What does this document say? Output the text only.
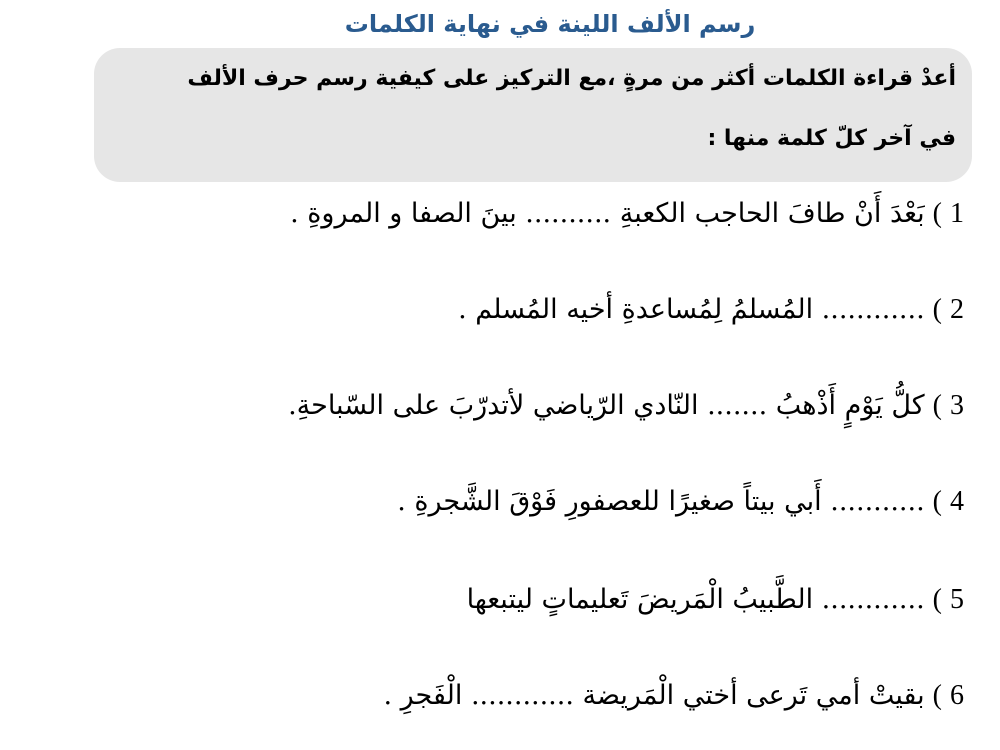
رسم الألف اللينة في نهاية الكلمات
أعدْ قراءة الكلمات أكثر من مرةٍ ،مع التركيز على كيفية رسم حرف الألف
في آخر كلّ كلمة منها :
1)بَعْدَ أَنْ طافَ الحاجب الكعبةِ .......... بينَ الصفا و المروةِ .
2)............ المُسلمُ لِمُساعدةِ أخيه المُسلم .
3)كلُّ يَوْمٍ أَذْهبُ ....... النّادي الرّياضي لأتدرّبَ على السّباحةِ.
4)........... أَبي بيتاً صغيرًا للعصفورِ فَوْقَ الشَّجرةِ .
5)............ الطَّبيبُ الْمَريضَ تَعليماتٍ ليتبعها
6)بقيتْ أمي تَرعى أختي الْمَريضة ............ الْفَجرِ .
